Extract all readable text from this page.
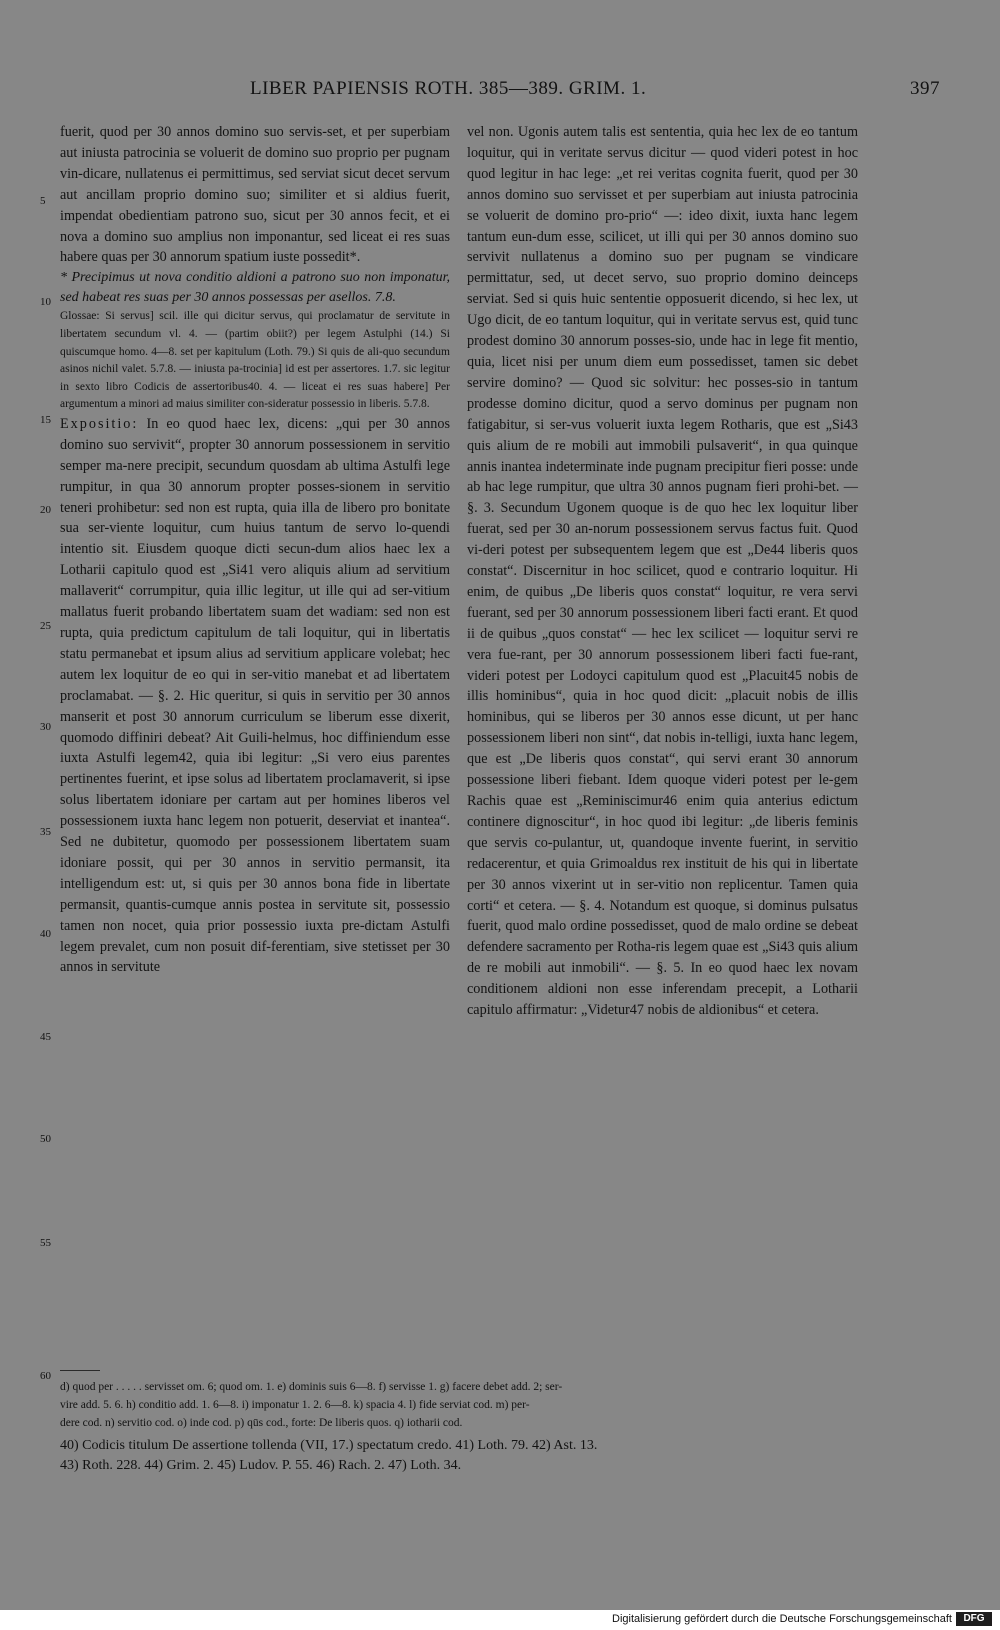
LIBER PAPIENSIS ROTH. 385—389. GRIM. 1.	397
5
10
15
20
25
30
35
40
45
50
55
60

fuerit, quod per 30 annos domino suo servis-set, et per superbiam aut iniusta patrocinia se voluerit de domino suo proprio per pugnam vin-dicare, nullatenus ei permittimus, sed serviat sicut decet servum aut ancillam proprio domino suo; similiter et si aldius fuerit, impendat obedientiam patrono suo, sicut per 30 annos fecit, et ei nova a domino suo amplius non imponantur, sed liceat ei res suas habere quas per 30 annorum spatium iuste possedit*.

* Precipimus ut nova conditio aldioni a patrono suo non imponatur, sed habeat res suas per 30 annos possessas per asellos. 7.8.

Glossae: Si servus] scil. ille qui dicitur servus, qui proclamatur de servitute in libertatem secundum vl. 4. — (partim obiit?) per legem Astulphi (14.) Si quiscumque homo. 4—8. set per kapitulum (Loth. 79.) Si quis de ali-quo secundum asinos nichil valet. 5.7.8. — iniusta pa-trocinia] id est per assertores. 1.7. sic legitur in sexto libro Codicis de assertoribus40. 4. — liceat ei res suas habere] Per argumentum a minori ad maius similiter con-sideratur possessio in liberis. 5.7.8.

Expositio: In eo quod haec lex, dicens: „qui per 30 annos domino suo servivit“, propter 30 annorum possessionem in servitio semper ma-nere precipit, secundum quosdam ab ultima Astulfi lege rumpitur, in qua 30 annorum propter posses-sionem in servitio teneri prohibetur: sed non est rupta, quia illa de libero pro bonitate sua ser-viente loquitur, cum huius tantum de servo lo-quendi intentio sit. Eiusdem quoque dicti secun-dum alios haec lex a Lotharii capitulo quod est „Si41 vero aliquis alium ad servitium mallaverit“ corrumpitur, quia illic legitur, ut ille qui ad ser-vitium mallatus fuerit probando libertatem suam det wadiam: sed non est rupta, quia predictum capitulum de tali loquitur, qui in libertatis statu permanebat et ipsum alius ad servitium applicare volebat; hec autem lex loquitur de eo qui in ser-vitio manebat et ad libertatem proclamabat. — §. 2. Hic queritur, si quis in servitio per 30 annos manserit et post 30 annorum curriculum se liberum esse dixerit, quomodo diffiniri debeat? Ait Guili-helmus, hoc diffiniendum esse iuxta Astulfi legem42, quia ibi legitur: „Si vero eius parentes pertinentes fuerint, et ipse solus ad libertatem proclamaverit, si ipse solus libertatem idoniare per cartam aut per homines liberos vel possessionem iuxta hanc legem non potuerit, deserviat et inantea“. Sed ne dubitetur, quomodo per possessionem libertatem suam idoniare possit, qui per 30 annos in servitio permansit, ita intelligendum est: ut, si quis per 30 annos bona fide in libertate permansit, quantis-cumque annis postea in servitute sit, possessio tamen non nocet, quia prior possessio iuxta pre-dictam Astulfi legem prevalet, cum non posuit dif-ferentiam, sive stetisset per 30 annos in servitute

vel non. Ugonis autem talis est sententia, quia hec lex de eo tantum loquitur, qui in veritate servus dicitur — quod videri potest in hoc quod legitur in hac lege: „et rei veritas cognita fuerit, quod per 30 annos domino suo servisset et per superbiam aut iniusta patrocinia se voluerit de domino pro-prio“ —: ideo dixit, iuxta hanc legem tantum eun-dum esse, scilicet, ut illi qui per 30 annos domino suo servivit nullatenus a domino suo per pugnam se vindicare permittatur, sed, ut decet servo, suo proprio domino deinceps serviat. Sed si quis huic sententie opposuerit dicendo, si hec lex, ut Ugo dicit, de eo tantum loquitur, qui in veritate servus est, quid tunc prodest domino 30 annorum posses-sio, unde hac in lege fit mentio, quia, licet nisi per unum diem eum possedisset, tamen sic debet servire domino? — Quod sic solvitur: hec posses-sio in tantum prodesse domino dicitur, quod a servo dominus per pugnam non fatigabitur, si ser-vus voluerit iuxta legem Rotharis, que est „Si43 quis alium de re mobili aut immobili pulsaverit“, in qua quinque annis inantea indeterminate inde pugnam precipitur fieri posse: unde ab hac lege rumpitur, que ultra 30 annos pugnam fieri prohi-bet. — §. 3. Secundum Ugonem quoque is de quo hec lex loquitur liber fuerat, sed per 30 an-norum possessionem servus factus fuit. Quod vi-deri potest per subsequentem legem que est „De44 liberis quos constat“. Discernitur in hoc scilicet, quod e contrario loquitur. Hi enim, de quibus „De liberis quos constat“ loquitur, re vera servi fuerant, sed per 30 annorum possessionem liberi facti erant. Et quod ii de quibus „quos constat“ — hec lex scilicet — loquitur servi re vera fue-rant, per 30 annorum possessionem liberi facti fue-rant, videri potest per Lodoyci capitulum quod est „Placuit45 nobis de illis hominibus“, quia in hoc quod dicit: „placuit nobis de illis hominibus, qui se liberos per 30 annos esse dicunt, ut per hanc possessionem liberi non sint“, dat nobis in-telligi, iuxta hanc legem, que est „De liberis quos constat“, qui servi erant 30 annorum possessione liberi fiebant. Idem quoque videri potest per le-gem Rachis quae est „Reminiscimur46 enim quia anterius edictum continere dignoscitur“, in hoc quod ibi legitur: „de liberis feminis que servis co-pulantur, ut, quandoque invente fuerint, in servitio redacerentur, et quia Grimoaldus rex instituit de his qui in libertate per 30 annos vixerint ut in ser-vitio non replicentur. Tamen quia corti“ et cetera. — §. 4. Notandum est quoque, si dominus pulsatus fuerit, quod malo ordine possedisset, quod de malo ordine se debeat defendere sacramento per Rotha-ris legem quae est „Si43 quis alium de re mobili aut inmobili“. — §. 5. In eo quod haec lex novam conditionem aldioni non esse inferendam precepit, a Lotharii capitulo affirmatur: „Videtur47 nobis de aldionibus“ et cetera.

d) quod per . . . . . servisset om. 6; quod om. 1. e) dominis suis 6—8. f) servisse 1. g) facere debet add. 2; ser-

vire add. 5. 6. h) conditio add. 1. 6—8. i) imponatur 1. 2. 6—8. k) spacia 4. l) fide serviat cod. m) per-

dere cod. n) servitio cod. o) inde cod. p) qūs cod., forte: De liberis quos. q) iotharii cod.

40) Codicis titulum De assertione tollenda (VII, 17.) spectatum credo. 41) Loth. 79. 42) Ast. 13.

43) Roth. 228. 44) Grim. 2. 45) Ludov. P. 55. 46) Rach. 2. 47) Loth. 34.

Digitalisierung gefördert durch die Deutsche Forschungsgemeinschaft	DFG
